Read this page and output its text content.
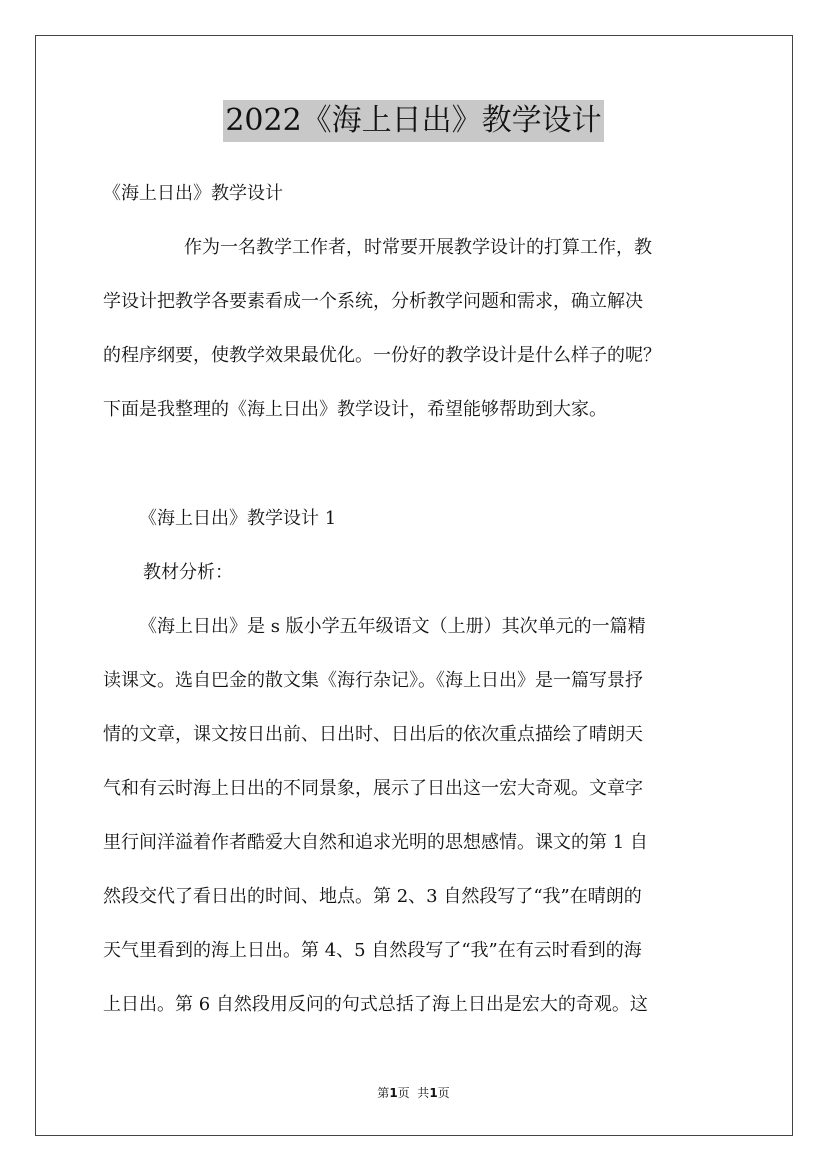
2022《海上日出》教学设计
《海上日出》教学设计
作为一名教学工作者，时常要开展教学设计的打算工作，教
学设计把教学各要素看成一个系统，分析教学问题和需求，确立解决
的程序纲要，使教学效果最优化。一份好的教学设计是什么样子的呢？
下面是我整理的《海上日出》教学设计，希望能够帮助到大家。
《海上日出》教学设计 1
教材分析：
《海上日出》是 s 版小学五年级语文（上册）其次单元的一篇精
读课文。选自巴金的散文集《海行杂记》。《海上日出》是一篇写景抒
情的文章，课文按日出前、日出时、日出后的依次重点描绘了晴朗天
气和有云时海上日出的不同景象，展示了日出这一宏大奇观。文章字
里行间洋溢着作者酷爱大自然和追求光明的思想感情。课文的第 1 自
然段交代了看日出的时间、地点。第 2、3 自然段写了“我”在晴朗的
天气里看到的海上日出。第 4、5 自然段写了“我”在有云时看到的海
上日出。第 6 自然段用反问的句式总括了海上日出是宏大的奇观。这
第1页  共1页
